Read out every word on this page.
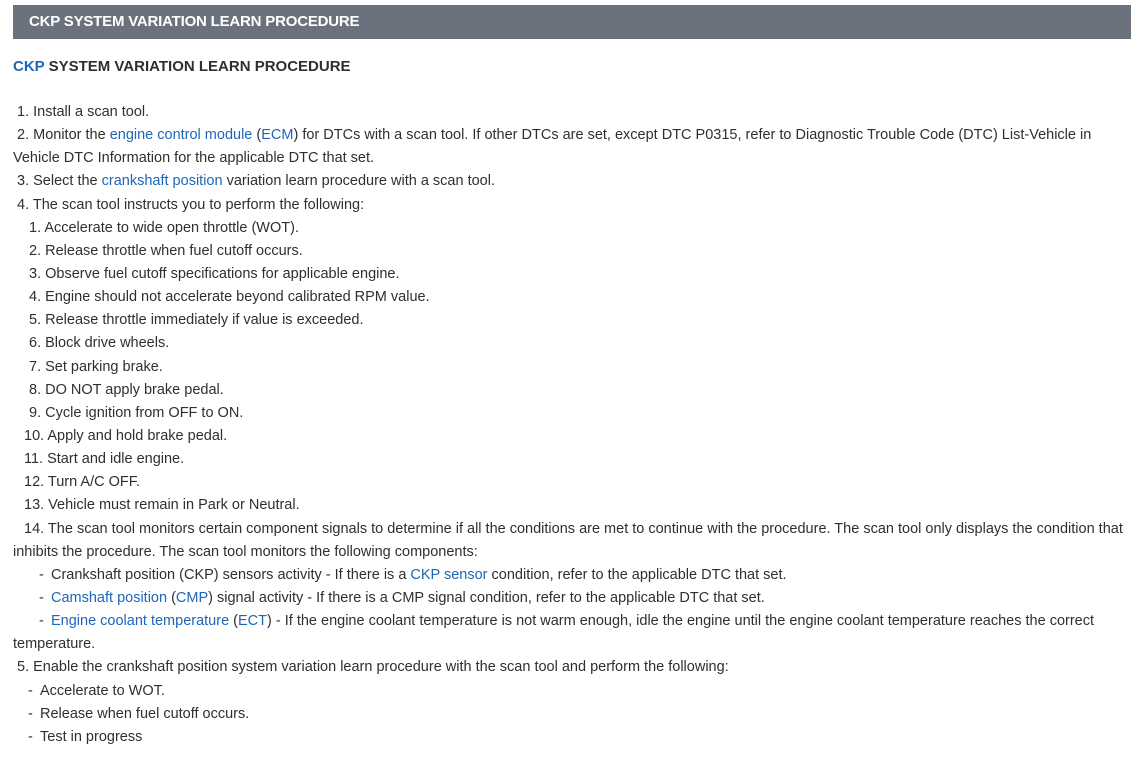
CKP SYSTEM VARIATION LEARN PROCEDURE
CKP SYSTEM VARIATION LEARN PROCEDURE
1. Install a scan tool.
2. Monitor the engine control module (ECM) for DTCs with a scan tool. If other DTCs are set, except DTC P0315, refer to Diagnostic Trouble Code (DTC) List-Vehicle in Vehicle DTC Information for the applicable DTC that set.
3. Select the crankshaft position variation learn procedure with a scan tool.
4. The scan tool instructs you to perform the following:
1. Accelerate to wide open throttle (WOT).
2. Release throttle when fuel cutoff occurs.
3. Observe fuel cutoff specifications for applicable engine.
4. Engine should not accelerate beyond calibrated RPM value.
5. Release throttle immediately if value is exceeded.
6. Block drive wheels.
7. Set parking brake.
8. DO NOT apply brake pedal.
9. Cycle ignition from OFF to ON.
10. Apply and hold brake pedal.
11. Start and idle engine.
12. Turn A/C OFF.
13. Vehicle must remain in Park or Neutral.
14. The scan tool monitors certain component signals to determine if all the conditions are met to continue with the procedure. The scan tool only displays the condition that inhibits the procedure. The scan tool monitors the following components:
- Crankshaft position (CKP) sensors activity - If there is a CKP sensor condition, refer to the applicable DTC that set.
- Camshaft position (CMP) signal activity - If there is a CMP signal condition, refer to the applicable DTC that set.
- Engine coolant temperature (ECT) - If the engine coolant temperature is not warm enough, idle the engine until the engine coolant temperature reaches the correct temperature.
5. Enable the crankshaft position system variation learn procedure with the scan tool and perform the following:
- Accelerate to WOT.
- Release when fuel cutoff occurs.
- Test in progress
